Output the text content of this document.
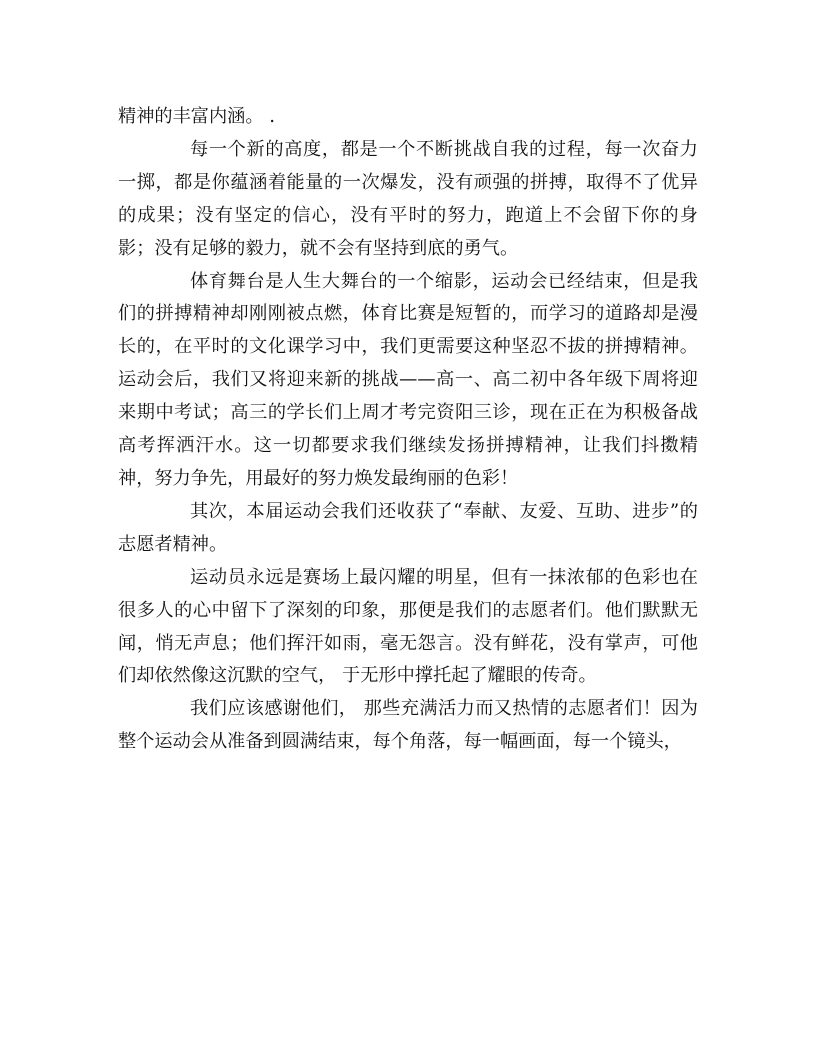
精神的丰富内涵。 .

每一个新的高度，都是一个不断挑战自我的过程，每一次奋力一掷，都是你蕴涵着能量的一次爆发，没有顽强的拼搏，取得不了优异的成果；没有坚定的信心，没有平时的努力，跑道上不会留下你的身影；没有足够的毅力，就不会有坚持到底的勇气。

体育舞台是人生大舞台的一个缩影，运动会已经结束，但是我们的拼搏精神却刚刚被点燃，体育比赛是短暂的，而学习的道路却是漫长的，在平时的文化课学习中，我们更需要这种坚忍不拔的拼搏精神。运动会后，我们又将迎来新的挑战——高一、高二初中各年级下周将迎来期中考试；高三的学长们上周才考完资阳三诊，现在正在为积极备战高考挥洒汗水。这一切都要求我们继续发扬拼搏精神，让我们抖擞精神，努力争先，用最好的努力焕发最绚丽的色彩！

其次，本届运动会我们还收获了“奉献、友爱、互助、进步”的志愿者精神。

运动员永远是赛场上最闪耀的明星，但有一抹浓郁的色彩也在很多人的心中留下了深刻的印象，那便是我们的志愿者们。他们默默无闻，悄无声息；他们挥汗如雨，毫无怨言。没有鲜花，没有掌声，可他们却依然像这沉默的空气， 于无形中撑托起了耀眼的传奇。

我们应该感谢他们， 那些充满活力而又热情的志愿者们！因为整个运动会从准备到圆满结束，每个角落，每一幅画面，每一个镜头，
